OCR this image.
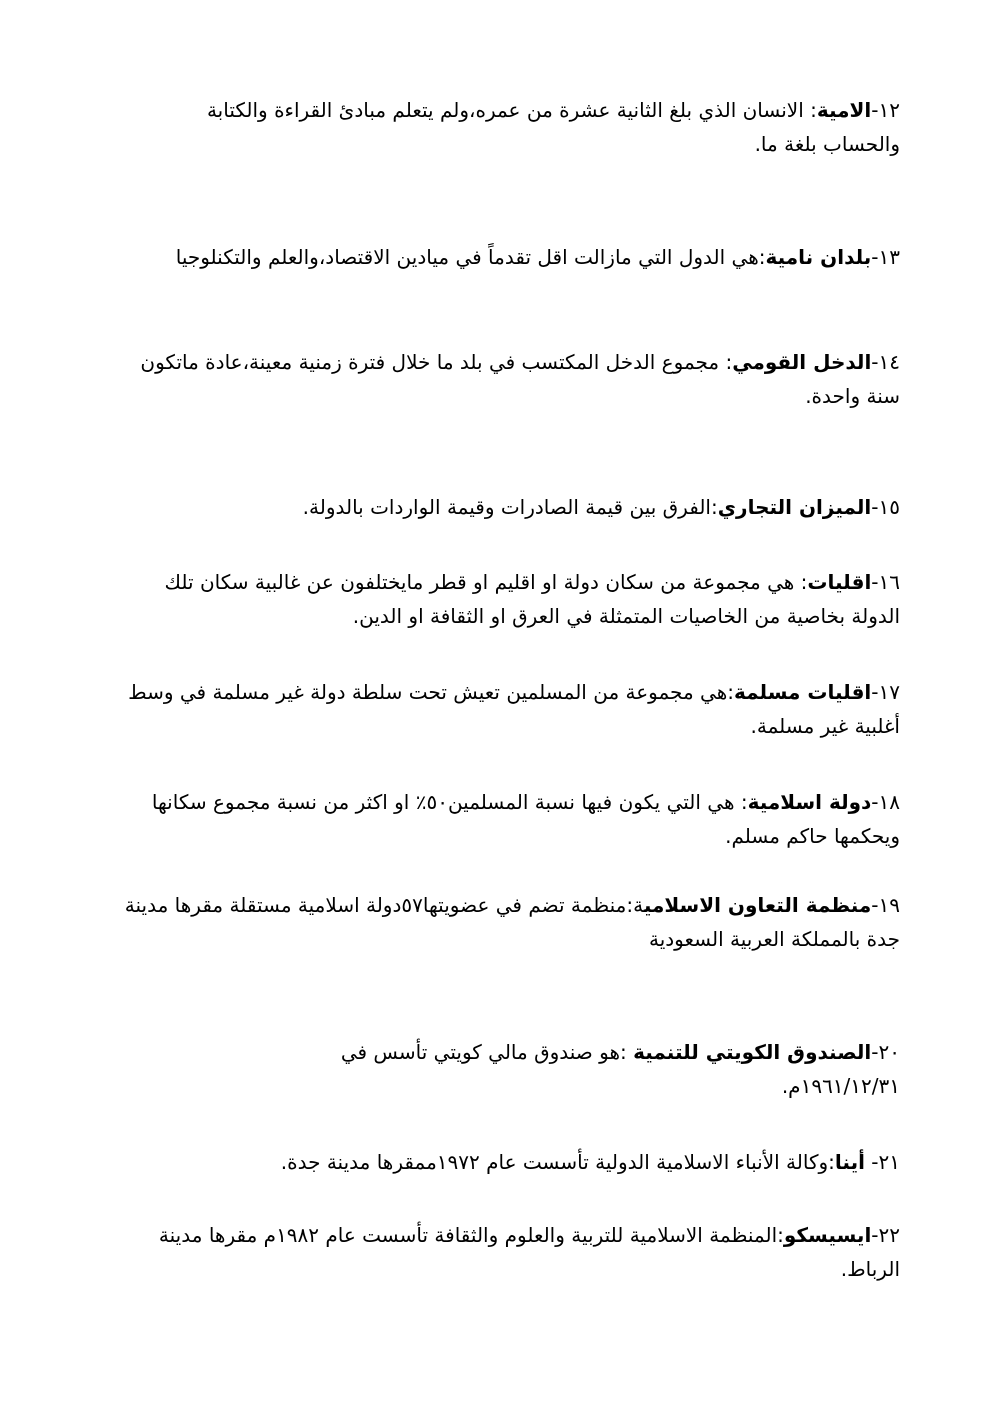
١٢-الامية: الانسان الذي بلغ الثانية عشرة من عمره،ولم يتعلم مبادئ القراءة والكتابة والحساب بلغة ما.

١٣-بلدان نامية:هي الدول التي مازالت اقل تقدماً في ميادين الاقتصاد،والعلم والتكنلوجيا

١٤-الدخل القومي: مجموع الدخل المكتسب في بلد ما خلال فترة زمنية معينة،عادة ماتكون سنة واحدة.

١٥-الميزان التجاري:الفرق بين قيمة الصادرات وقيمة الواردات بالدولة.

١٦-اقليات: هي مجموعة من سكان دولة او اقليم او قطر مايختلفون عن غالبية سكان تلك الدولة بخاصية من الخاصيات المتمثلة في العرق او الثقافة او الدين.

١٧-اقليات مسلمة:هي مجموعة من المسلمين تعيش تحت سلطة دولة غير مسلمة في وسط أغلبية غير مسلمة.

١٨-دولة اسلامية: هي التي يكون فيها نسبة المسلمين٥٠٪ او اكثر من نسبة مجموع سكانها ويحكمها حاكم مسلم.

١٩-منظمة التعاون الاسلامية:منظمة تضم في عضويتها٥٧دولة اسلامية مستقلة مقرها مدينة جدة بالمملكة العربية السعودية

٢٠-الصندوق الكويتي للتنمية :هو صندوق مالي كويتي تأسس في ١٩٦١/١٢/٣١م.

٢١- أينا:وكالة الأنباء الاسلامية الدولية تأسست عام ١٩٧٢ممقرها مدينة جدة.

٢٢-ايسيسكو:المنظمة الاسلامية للتربية والعلوم والثقافة تأسست عام ١٩٨٢م مقرها مدينة الرباط.
